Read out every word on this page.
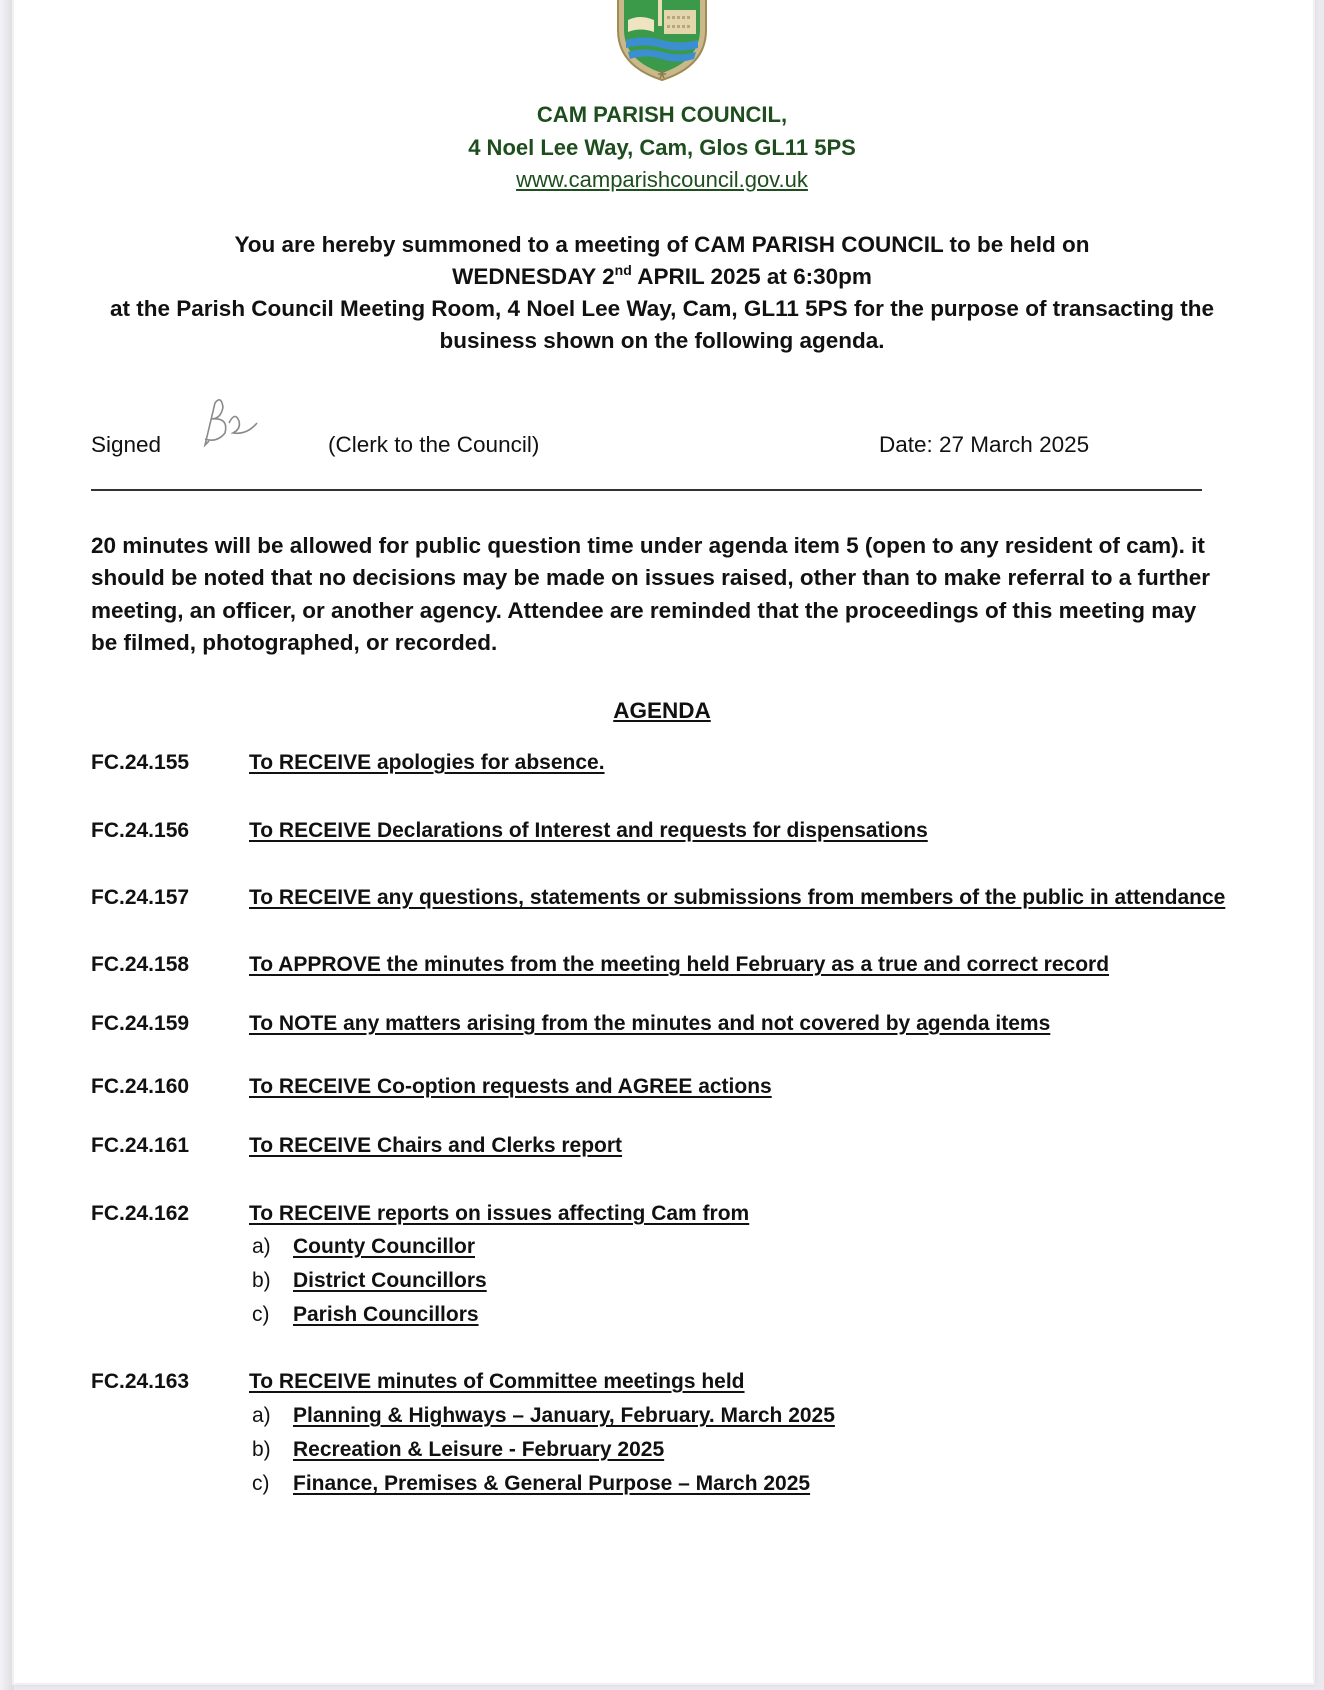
CAM PARISH COUNCIL,
4 Noel Lee Way, Cam, Glos GL11 5PS
www.camparishcouncil.gov.uk
You are hereby summoned to a meeting of CAM PARISH COUNCIL to be held on
WEDNESDAY 2nd APRIL 2025 at 6:30pm
at the Parish Council Meeting Room, 4 Noel Lee Way, Cam, GL11 5PS for the purpose of transacting the
business shown on the following agenda.
Signed	(Clerk to the Council)	Date: 27 March 2025
20 minutes will be allowed for public question time under agenda item 5 (open to any resident of cam). it should be noted that no decisions may be made on issues raised, other than to make referral to a further meeting, an officer, or another agency. Attendee are reminded that the proceedings of this meeting may be filmed, photographed, or recorded.
AGENDA
FC.24.155	To RECEIVE apologies for absence.
FC.24.156	To RECEIVE Declarations of Interest and requests for dispensations
FC.24.157	To RECEIVE any questions, statements or submissions from members of the public in attendance
FC.24.158	To APPROVE the minutes from the meeting held February as a true and correct record
FC.24.159	To NOTE any matters arising from the minutes and not covered by agenda items
FC.24.160	To RECEIVE Co-option requests and AGREE actions
FC.24.161	To RECEIVE Chairs and Clerks report
FC.24.162	To RECEIVE reports on issues affecting Cam from
a) County Councillor
b) District Councillors
c) Parish Councillors
FC.24.163	To RECEIVE minutes of Committee meetings held
a) Planning & Highways – January, February. March 2025
b) Recreation & Leisure - February 2025
c) Finance, Premises & General Purpose – March 2025
